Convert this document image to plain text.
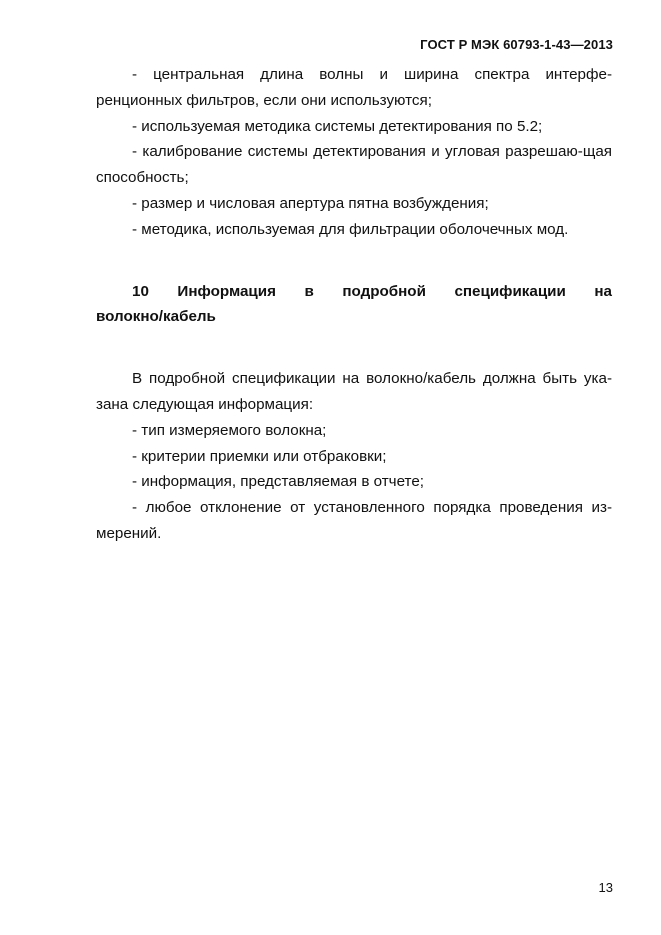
ГОСТ Р МЭК 60793-1-43—2013

- центральная длина волны и ширина спектра интерфе-ренционных фильтров, если они используются;

- используемая методика системы детектирования по 5.2;

- калибрование системы детектирования и угловая разрешаю-щая способность;

- размер и числовая апертура пятна возбуждения;

- методика, используемая для фильтрации оболочечных мод.

10 Информация в подробной спецификации на
волокно/кабель

В подробной спецификации на волокно/кабель должна быть ука-зана следующая информация:

- тип измеряемого волокна;

- критерии приемки или отбраковки;

- информация, представляемая в отчете;

- любое отклонение от установленного порядка проведения из-мерений.

13
